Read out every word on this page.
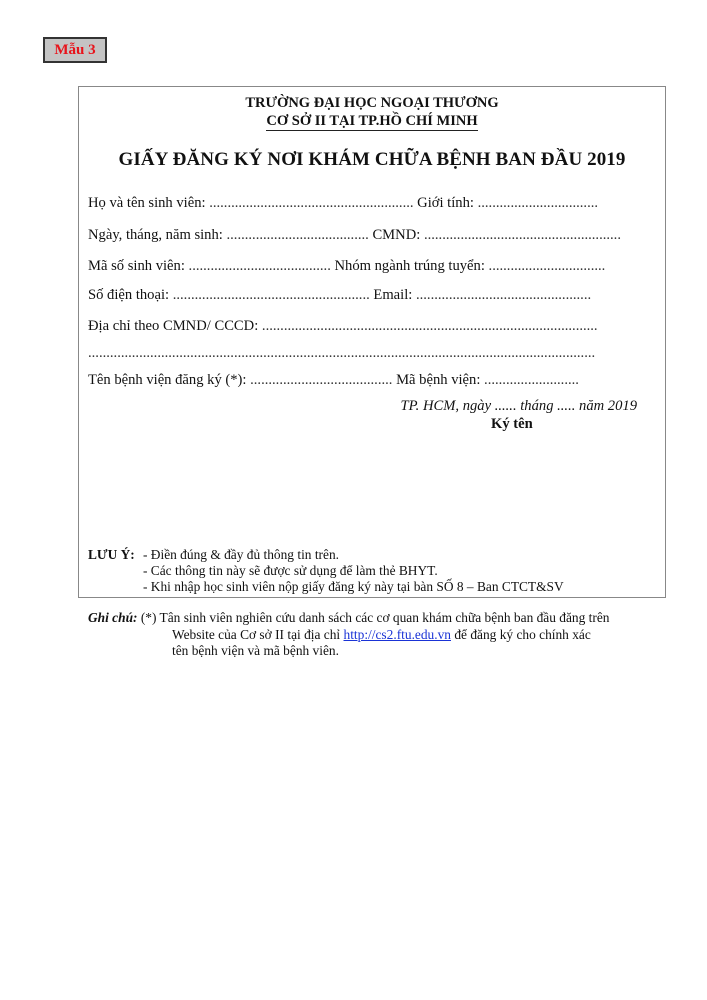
Mẫu 3
TRƯỜNG ĐẠI HỌC NGOẠI THƯƠNG
CƠ SỞ II TẠI TP.HỒ CHÍ MINH
GIẤY ĐĂNG KÝ NƠI KHÁM CHỮA BỆNH BAN ĐẦU 2019
Họ và tên sinh viên: ........................................................ Giới tính: .................................
Ngày, tháng, năm sinh: ....................................... CMND: ......................................................
Mã số sinh viên: ....................................... Nhóm ngành trúng tuyển: ................................
Số điện thoại: ...................................................... Email: ................................................
Địa chỉ theo CMND/ CCCD: ............................................................................................
...........................................................................................................................................
Tên bệnh viện đăng ký (*): ....................................... Mã bệnh viện: ..........................
TP. HCM, ngày ...... tháng ..... năm 2019
Ký tên
LƯU Ý: - Điền đúng & đầy đủ thông tin trên.
- Các thông tin này sẽ được sử dụng để làm thẻ BHYT.
- Khi nhập học sinh viên nộp giấy đăng ký này tại bàn SỐ 8 – Ban CTCT&SV
Ghi chú: (*) Tân sinh viên nghiên cứu danh sách các cơ quan khám chữa bệnh ban đầu đăng trên
Website của Cơ sở II tại địa chỉ http://cs2.ftu.edu.vn để đăng ký cho chính xác
tên bệnh viện và mã bệnh viên.
